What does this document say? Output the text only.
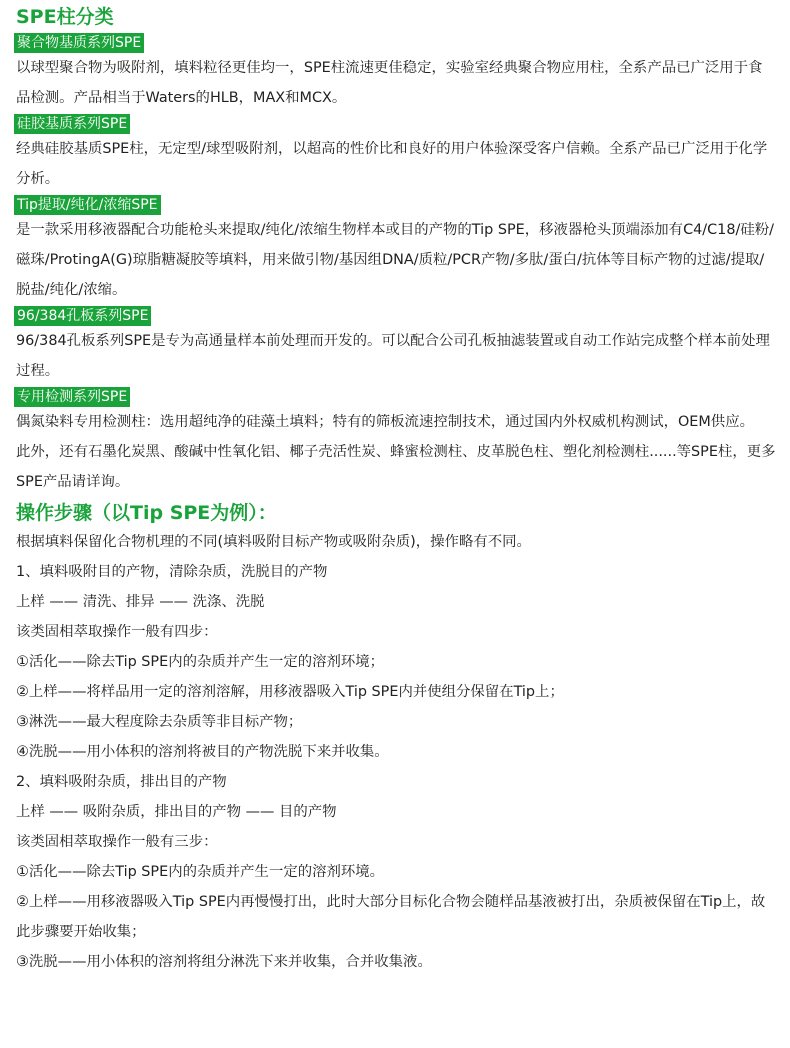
SPE柱分类
聚合物基质系列SPE

以球型聚合物为吸附剂，填料粒径更佳均一，SPE柱流速更佳稳定，实验室经典聚合物应用柱，全系产品已广泛用于食品检测。产品相当于Waters的HLB，MAX和MCX。

硅胶基质系列SPE

经典硅胶基质SPE柱，无定型/球型吸附剂，以超高的性价比和良好的用户体验深受客户信赖。全系产品已广泛用于化学分析。

Tip提取/纯化/浓缩SPE

是一款采用移液器配合功能枪头来提取/纯化/浓缩生物样本或目的产物的Tip SPE，移液器枪头顶端添加有C4/C18/硅粉/磁珠/ProtingA(G)琼脂糖凝胶等填料，用来做引物/基因组DNA/质粒/PCR产物/多肽/蛋白/抗体等目标产物的过滤/提取/脱盐/纯化/浓缩。

96/384孔板系列SPE

96/384孔板系列SPE是专为高通量样本前处理而开发的。可以配合公司孔板抽滤装置或自动工作站完成整个样本前处理过程。

专用检测系列SPE

偶氮染料专用检测柱：选用超纯净的硅藻土填料；特有的筛板流速控制技术，通过国内外权威机构测试，OEM供应。

此外，还有石墨化炭黑、酸碱中性氧化铝、椰子壳活性炭、蜂蜜检测柱、皮革脱色柱、塑化剂检测柱......等SPE柱，更多SPE产品请详询。

操作步骤（以Tip SPE为例）：

根据填料保留化合物机理的不同(填料吸附目标产物或吸附杂质)，操作略有不同。

1、填料吸附目的产物，清除杂质，洗脱目的产物

上样 —— 清洗、排异 —— 洗涤、洗脱

该类固相萃取操作一般有四步：

①活化——除去Tip SPE内的杂质并产生一定的溶剂环境；

②上样——将样品用一定的溶剂溶解，用移液器吸入Tip SPE内并使组分保留在Tip上；

③淋洗——最大程度除去杂质等非目标产物；

④洗脱——用小体积的溶剂将被目的产物洗脱下来并收集。

2、填料吸附杂质，排出目的产物

上样 —— 吸附杂质，排出目的产物 —— 目的产物

该类固相萃取操作一般有三步：

①活化——除去Tip SPE内的杂质并产生一定的溶剂环境。

②上样——用移液器吸入Tip SPE内再慢慢打出，此时大部分目标化合物会随样品基液被打出，杂质被保留在Tip上，故此步骤要开始收集；

③洗脱——用小体积的溶剂将组分淋洗下来并收集，合并收集液。
